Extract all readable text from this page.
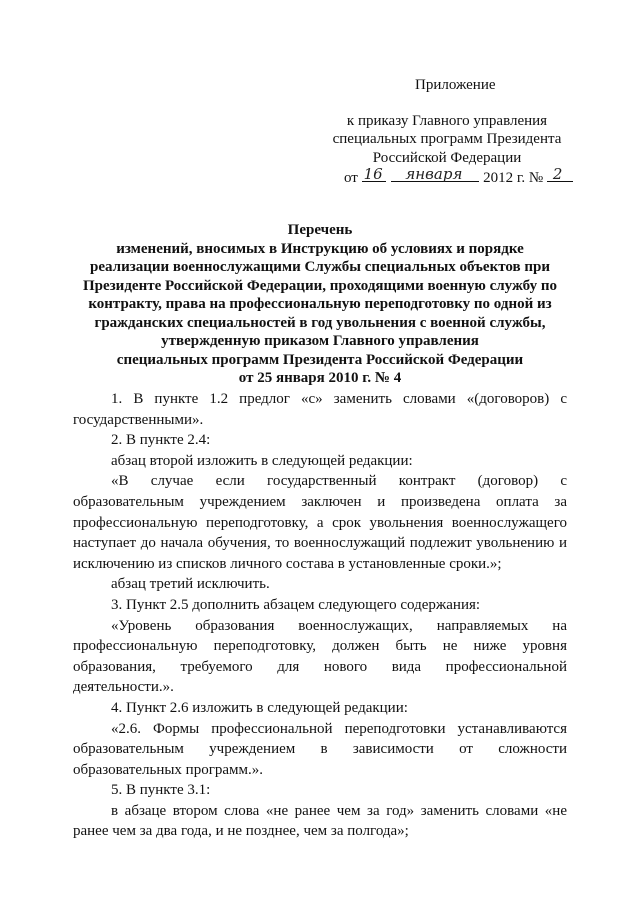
Приложение
к приказу Главного управления
специальных программ Президента
Российской Федерации
от 16
января 2012 г. № 2
Перечень
изменений, вносимых в Инструкцию об условиях и порядке
реализации военнослужащими Службы специальных объектов при
Президенте Российской Федерации, проходящими военную службу по
контракту, права на профессиональную переподготовку по одной из
гражданских специальностей в год увольнения с военной службы,
утвержденную приказом Главного управления
специальных программ Президента Российской Федерации
от 25 января 2010 г. № 4
1. В пункте 1.2 предлог «с» заменить словами «(договоров) с государственными».
2. В пункте 2.4:
абзац второй изложить в следующей редакции:
«В случае если государственный контракт (договор) с образовательным учреждением заключен и произведена оплата за профессиональную переподготовку, а срок увольнения военнослужащего наступает до начала обучения, то военнослужащий подлежит увольнению и исключению из списков личного состава в установленные сроки.»;
абзац третий исключить.
3. Пункт 2.5 дополнить абзацем следующего содержания:
«Уровень образования военнослужащих, направляемых на профессиональную переподготовку, должен быть не ниже уровня образования, требуемого для нового вида профессиональной деятельности.».
4. Пункт 2.6 изложить в следующей редакции:
«2.6. Формы профессиональной переподготовки устанавливаются образовательным учреждением в зависимости от сложности образовательных программ.».
5. В пункте 3.1:
в абзаце втором слова «не ранее чем за год» заменить словами «не ранее чем за два года, и не позднее, чем за полгода»;
